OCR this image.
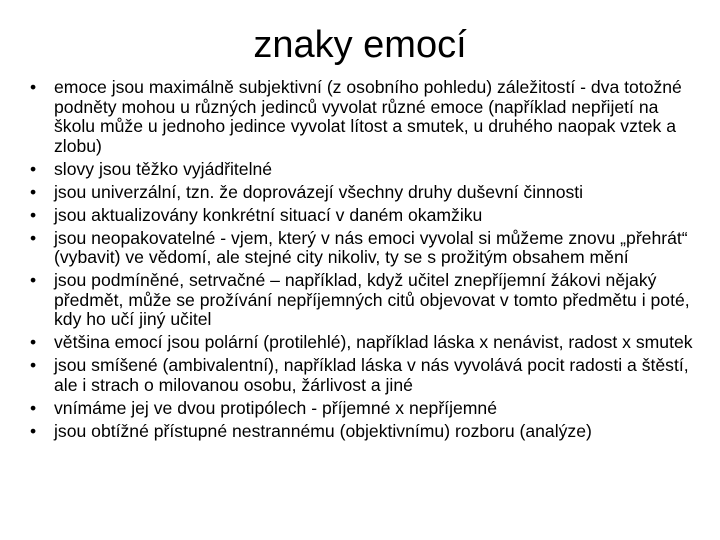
znaky emocí
•	emoce jsou maximálně subjektivní (z osobního pohledu) záležitostí - dva totožné podněty mohou u různých jedinců vyvolat různé emoce (například nepřijetí na školu může u jednoho jedince vyvolat lítost a smutek, u druhého naopak vztek a zlobu)
•	slovy jsou těžko vyjádřitelné
•	jsou univerzální, tzn. že doprovázejí všechny druhy duševní činnosti
•	jsou aktualizovány konkrétní situací v daném okamžiku
•	jsou neopakovatelné - vjem, který v nás emoci vyvolal si můžeme znovu „přehrát“ (vybavit) ve vědomí, ale stejné city nikoliv, ty se s prožitým obsahem mění
•	jsou podmíněné, setrvačné – například, když učitel znepříjemní žákovi nějaký předmět, může se prožívání nepříjemných citů objevovat v tomto předmětu i poté, kdy ho učí jiný učitel
•	většina emocí jsou polární (protilehlé), například láska x nenávist, radost x smutek
•	jsou smíšené (ambivalentní), například láska v nás vyvolává pocit radosti a štěstí, ale i strach o milovanou osobu, žárlivost a jiné
•	vnímáme jej ve dvou protipólech - příjemné x nepříjemné
•	jsou obtížné přístupné nestrannému (objektivnímu) rozboru (analýze)
